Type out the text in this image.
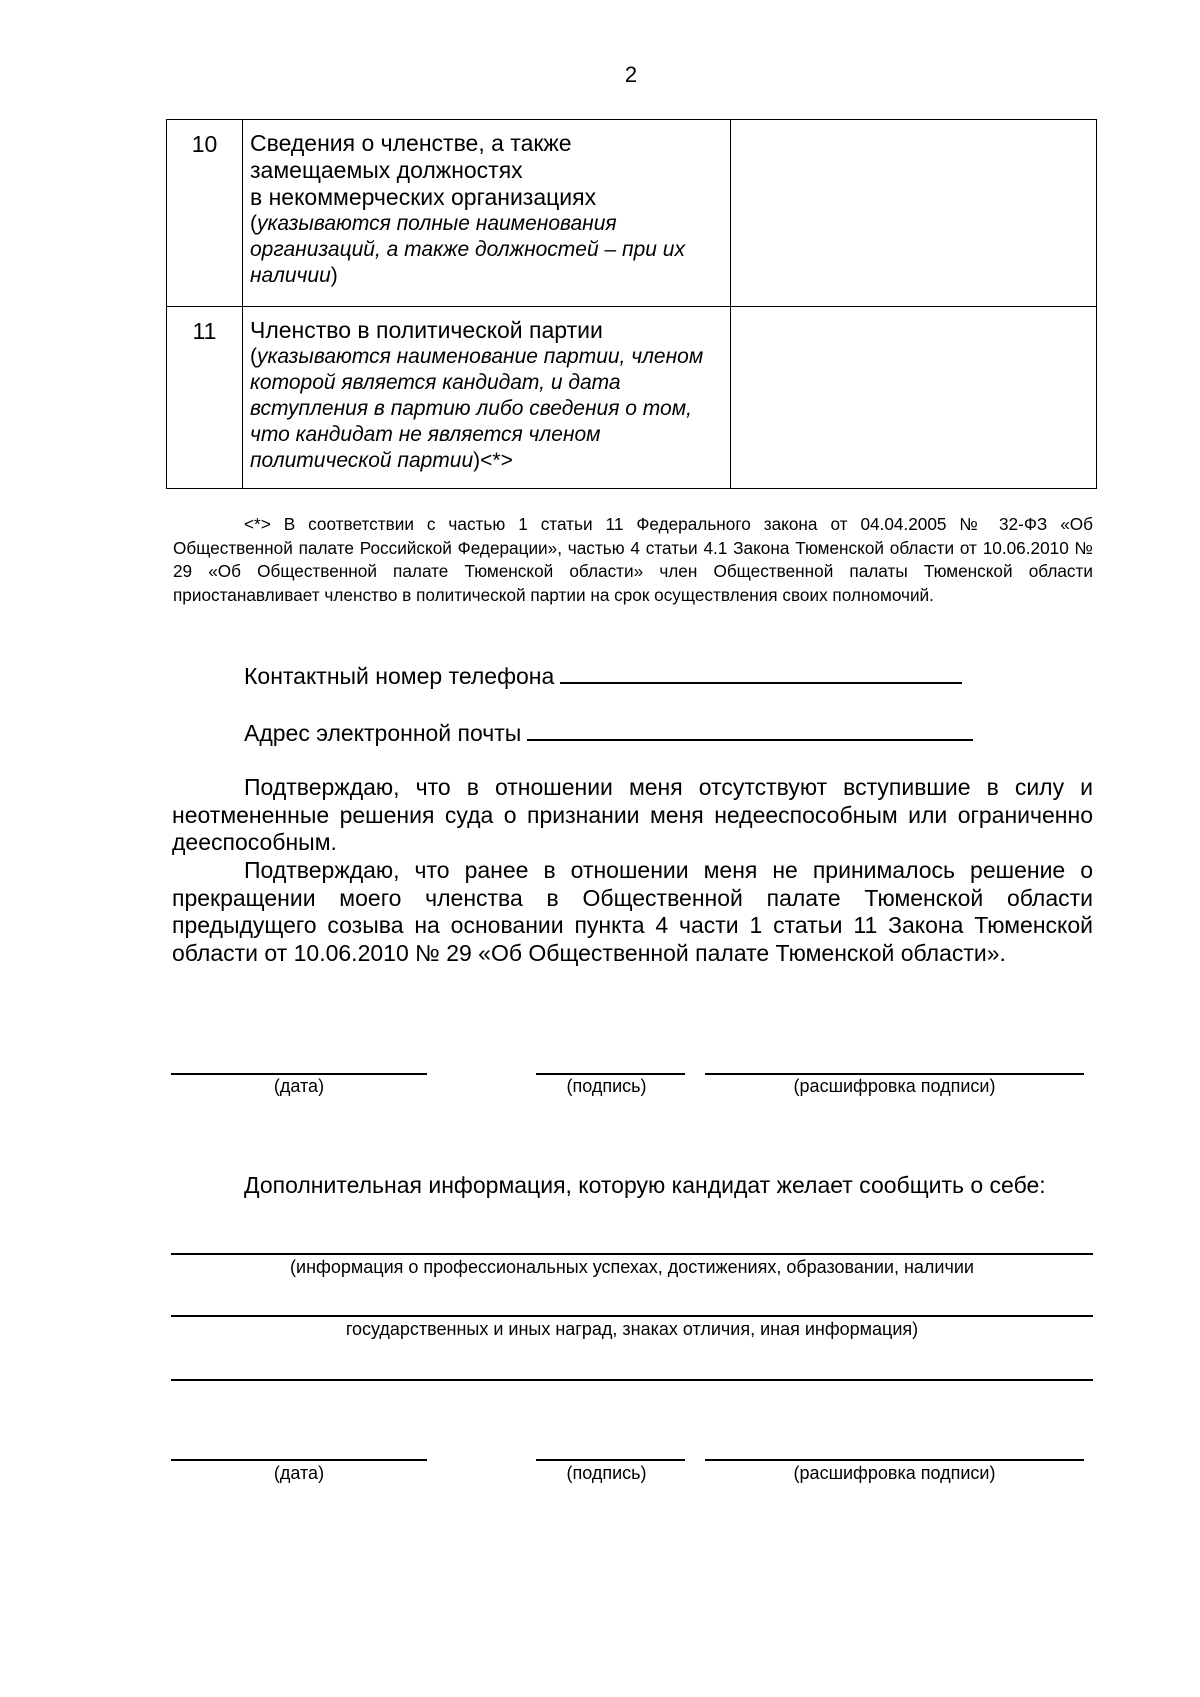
2
10	Сведения о членстве, а также
замещаемых должностях
в некоммерческих организациях
(указываются полные наименования организаций, а также должностей – при их наличии)	

11	Членство в политической партии
(указываются наименование партии, членом которой является кандидат, и дата вступления в партию либо сведения о том, что кандидат не является членом политической партии)<*>	

<*> В соответствии с частью 1 статьи 11 Федерального закона от 04.04.2005 № 32-ФЗ «Об Общественной палате Российской Федерации», частью 4 статьи 4.1 Закона Тюменской области от 10.06.2010 № 29 «Об Общественной палате Тюменской области» член Общественной палаты Тюменской области приостанавливает членство в политической партии на срок осуществления своих полномочий.
Контактный номер телефона
Адрес электронной почты
Подтверждаю, что в отношении меня отсутствуют вступившие в силу и неотмененные решения суда о признании меня недееспособным или ограниченно дееспособным.
Подтверждаю, что ранее в отношении меня не принималось решение о прекращении моего членства в Общественной палате Тюменской области предыдущего созыва на основании пункта 4 части 1 статьи 11 Закона Тюменской области от 10.06.2010 № 29 «Об Общественной палате Тюменской области».
(дата)	(подпись)	(расшифровка подписи)
Дополнительная информация, которую кандидат желает сообщить о себе:
(информация о профессиональных успехах, достижениях, образовании, наличии
государственных и иных наград, знаках отличия, иная информация)
(дата)	(подпись)	(расшифровка подписи)
